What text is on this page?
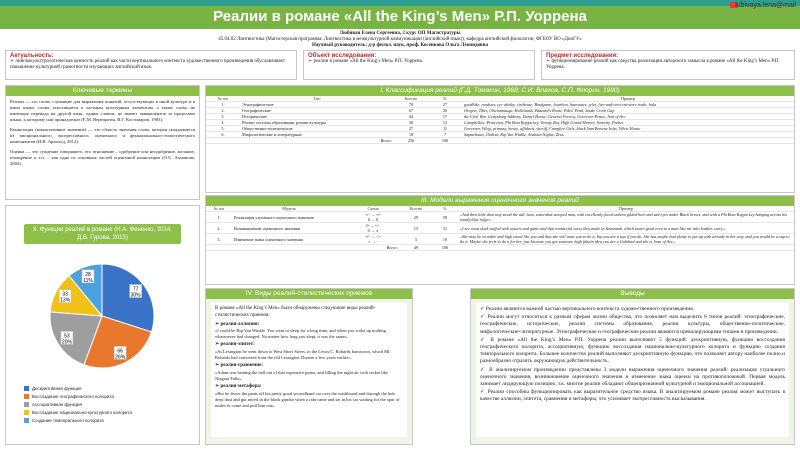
Реалии в романе «All the King’s Men» Р.П. Уоррена
lubivaya.lena@mail
Любивая Елена Сергеевна, 2 курс ОП Магистратуры
45.04.02 Лингвистика (Магистерская программа: Лингвистика в межкультурной коммуникации (английский язык)), кафедра английской филологии, ФГБОУ ВО «ДонГУ»
Научный руководитель: д-р филол. наук, проф. Косенкова Ольга Леонидовна
Актуальность:
➢ лингвокультурологическая ценность реалий как части вертикального контекста художественного произведения обуславливает повышение культурной грамотности изучающих английский язык.
Объект исследования:
➢ реалии в романе «All the King’s Men» Р.П. Уоррена.
Предмет исследования:
➢ функционирование реалий как средства реализации авторского замысла в романе «All the King’s Men» Р.П. Уоррена.
Ключевые термины

Реалии — это слова, служащие для выражения понятий, отсутствующих в иной культуре и в ином языке, слова, относящиеся к частным культурным элементам, а также слова, не имеющие перевода на другой язык, одним словом, не имеют эквивалентов за пределами языка, к которому они принадлежат (Е.М. Верещагин, В.Г. Костомаров, 1983).

Коннотация (коннотативное значение) — это область значения слова, которая складывается из эмоционального, экспрессивного, оценочного и функционально-стилистического компонентов (И.В. Арнольд, 2012).

Оценка — это суждение говорящего, его отношение – одобрение или неодобрение, желание, поощрение и т.п. – как одна из основных частей оценочной коннотации (О.С. Ахманова, 2004).

II. Функции реалий в романе (Н.А. Фененко, 2014; Д.В. Гурова, 2015)
77
30%
66
26%
53
20%
33
13%
28
11%
Дескриптивная функция
Воссоздание географического колорита
Ассоциативная функция
Воссоздание национально-культурного колорита
Создание темпорального колорита
I. Классификация реалий (Г.Д. Томахин, 1988; С.И. Влахов, С.П. Флорин, 1980)
№ п/п	Тип	Кол-во	%	Пример
1.	Этнографические	70	27	goodbike, roadster, rye whisky, cirthouse, Bindgame, bourbon, haurantes, tyles, five-and-ten-cent-store trade, hula
2.	Географические	67	26	Oregon, Tiber, Chickamauga, Hollelands, Buzzard's Roost, Pikes' Peak, Snake Creek Gap
3.	Исторические	44	17	the Civil War, Gettysburg Address, Daniel Boone, General Forrest, Governor Pettus, Join of Arc
4.	Реалии системы образования, реалии культуры	30	12	Campbellite, Princeton, Phi Beta Kappa key, Varsity Rat, High Grand Shriner, Sorority, Parker
5.	Общественно-политические	27	11	Governor, Whig, primary, bowie, affidavit, sheriff, Campfire Girls, black Sam Browne belts, White House
6.	Мифологические и литературные	18	7	Sapmchuan, Oulleur, Rip Van Winkle, Arabian Nights, Zeus
	Всего:	256	100	
III. Модели выражения оценочного значения реалий
№ п/п	Модель	Схема	Кол-во	%	Пример
1.	Реализация узуального оценочного значения	+/- → +/-
0 → 0	29	59	«And then little doorway stood the tall, lean, somewhat stooped man, with excellently faced unbent gilded hair and sad eyes under Black brows, and with a Phi Beta Kappa key hanging across his sturdy blue ridge».
2.	Возникновение оценочного значения	0 → +/-
0 → ±	15	31	«I see roast duck stuffed with oysters and game and that wonderful curry they make in Savannah, which tastes good even to a man like me who loathes curry».
3.	Изменение знака оценочного значения	+/- → -/+
+ → -	5	10	«She may be so noble and high toned like you and that she will want you to do it, but you are a sap if you do. She has maybe had plenty to put up with already in her way, and you would be a sap to do it. Maybe she feels to do it for her, just because you got someone high falutin idea you are a Galahad and she is Joan of Arc».
		Всего:	49	100	
IV. Виды реалий-стилистических приемов
В романе «All the King’s Men» были обнаружены следующие виды реалий-стилистических приемов:
➢ реалия-аллюзия:
«I could be Rip Van Winkle. You went to sleep for a long time, and when you woke up nothing whatsoever had changed. No matter how long you slept, it was the same».
➢ реалия-эпитет:
«At Lexington he went down to West Short Street, to the Lewis C. Robards barracoon, which Mr. Robards had converted from the old Lexington Theatre a few years earlier».
➢ реалия-сравнение:
«Adam was beating the hell out of that expensive piano, and filling the night air with racket like Niagara Falls».
➢ реалия-метафора:
«But he drove the pants off his pretty good secondhand car over the washboard and through the hub deep dust and gut mired in the black gumbo when a rain came and set in his car waiting for the spur of mules to come and pull him out».
Выводы
✓ Реалии являются важной частью вертикального контекста художественного произведения.
✓ Реалии могут относиться к разным сферам жизни общества, что позволяет нам выделить 6 типов реалий: этнографические, географические, исторические, реалии системы образования, реалии культуры, общественно-политические, мифологические+литературные. Этнографические и географические реалии являются превалирующими типами в произведении.
✓ В романе «All the King’s Men» Р.П. Уоррена реалии выполняют 5 функций: дескриптивную, функцию воссоздания географического колорита, ассоциативную, функцию воссоздания национально-культурного колорита и функцию создания темпорального колорита. Большее количество реалий выполняют дескриптивную функцию, что позволяет автору наиболее полно и разнообразно отразить окружающую действительность.
✓ В анализируемом произведении представлены 3 модели выражения оценочного значения реалий: реализация узуального оценочного значения, возникновение оценочного значения и изменение знака оценки на противоположный. Первая модель занимает лидирующую позицию, т.к. многие реалии обладают общепризнанной культурной и эмоциональной ассоциацией.
✓ Реалии способны функционировать как выразительное средство языка. В анализируемом романе реалия может выступать в качестве аллюзии, эпитета, сравнения и метафоры, что усиливает экспрессивность высказывания.
